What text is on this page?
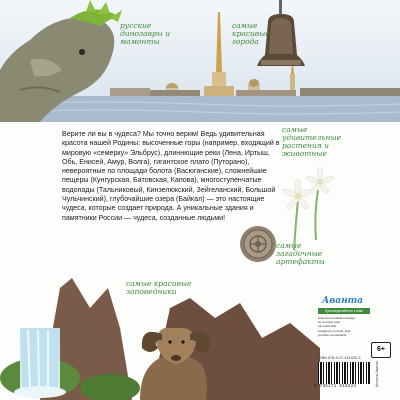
русские динозавры и мамонты
самые красивые города
самые удивительные растения и животные
самые загадочные артефакты
самые красивые заповедники
Верите ли вы в чудеса? Мы точно верим! Ведь удивительная красота нашей Родины: высоченные горы (например, входящий в мировую «семерку» Эльбрус), длиннющие реки (Лена, Иртыш, Обь, Енисей, Амур, Волга), гигантское плато (Путорано), невероятные по площади болота (Васюганские), сложнейшие пещеры (Кунгурская, Батовская, Капова), многоступенчатые водопады (Тальниковый, Кинзелюкский, Зейгеланский, Большой Чульчинский), глубочайшие озера (Байкал) — это настоящие чудеса, которые создает природа. А уникальные здания и памятники России — чудеса, созданные людьми!
Присоединяйтесь к нам!
Аванта
www.ast.ru/edu/knowledge
vk.com/ast_kids
ok.ru/ast.kids
instagram.com/ast_kids
youtube.com/astkids
ISBN 978-5-17-151922-3
9 785171 519223
6+
Астрель-Аванта
